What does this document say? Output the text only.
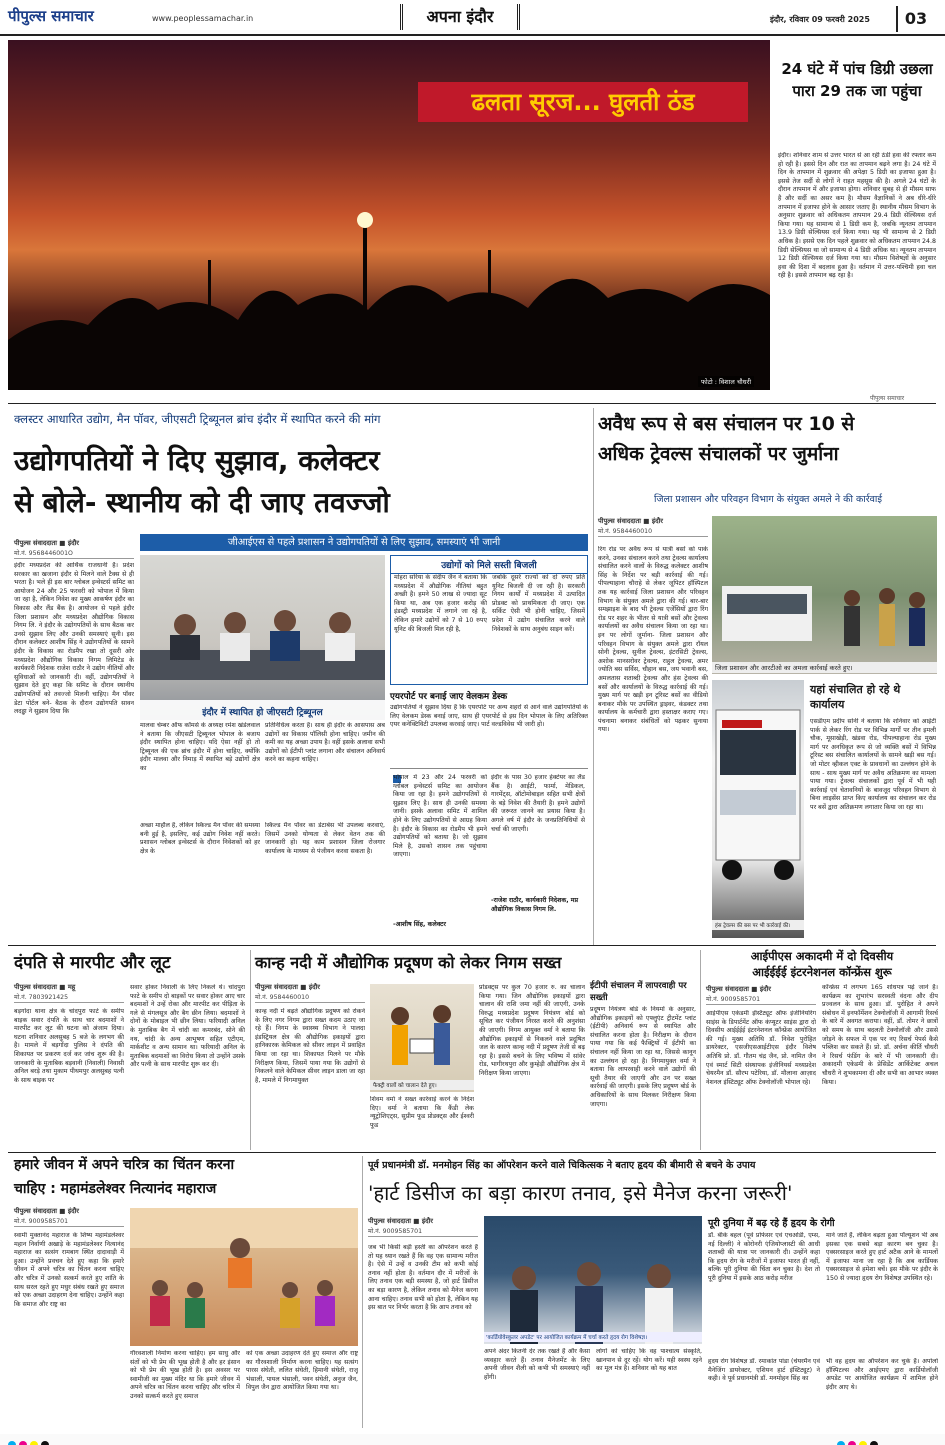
पीपुल्स समाचार	www.peoplessamachar.in	अपना इंदौर	इंदौर, रविवार 09 फरवरी 2025	03
ढलता सूरज... घुलती ठंड
फोटो : विशाल चौधरी
24 घंटे में पांच डिग्री उछला पारा 29 तक जा पहुंचा
इंदौर। शनिवार शाम से उत्तर भारत से आ रही ठंडी हवा की रफ्तार कम हो रही है। इससे दिन और रात का तापमान बढ़ने लगा है। 24 घंटे में दिन के तापमान में शुक्रवार की अपेक्षा 5 डिग्री का इजाफा हुआ है। इससे तेज सर्दी से लोगों ने राहत महसूस की है। अगले 24 घंटों के दौरान तापमान में और इजाफा होगा। शनिवार सुबह से ही मौसम साफ है और सर्दी का असर कम है। मौसम वैज्ञानिकों ने अब धीरे-धीरे तापमान में इजाफा होने के आसार जताए हैं। स्थानीय मौसम विभाग के अनुसार शुक्रवार को अधिकतम तापमान 29.4 डिग्री सेल्सियस दर्ज किया गया। यह सामान्य से 1 डिग्री कम है, जबकि न्यूनतम तापमान 13.9 डिग्री सेल्सियस दर्ज किया गया। यह भी सामान्य से 2 डिग्री अधिक है। इससे एक दिन पहले शुक्रवार को अधिकतम तापमान 24.8 डिग्री सेल्सियस था जो सामान्य से 4 डिग्री अधिक था। न्यूनतम तापमान 12 डिग्री सेल्सियस दर्ज किया गया था। मौसम विशेषज्ञों के अनुसार हवा की दिशा में बदलाव हुआ है। वर्तमान में उत्तर-पश्चिमी हवा चल रही है। इससे तापमान बढ़ रहा है।
पीपुल्स समाचार
क्लस्टर आधारित उद्योग, मैन पॉवर, जीएसटी ट्रिब्यूनल ब्रांच इंदौर में स्थापित करने की मांग
उद्योगपतियों ने दिए सुझाव, कलेक्टर
से बोले- स्थानीय को दी जाए तवज्जो
पीपुल्स संवाददाता ■ इंदौर
मो.नं. 9568446001O
इंदौर मध्यप्रदेश की आर्थिक राजधानी है। प्रदेश सरकार का खजाना इंदौर से मिलने वाले टैक्स से ही भरता है। भले ही इस बार ग्लोबल इन्वेस्टर्स समिट का आयोजन 24 और 25 फरवरी को भोपाल में किया जा रहा है, लेकिन निवेश का मुख्य आकर्षण इंदौर का विकास और लैंड बैंक है। आयोजन से पहले इंदौर जिला प्रशासन और मध्यप्रदेश औद्योगिक विकास निगम लि. ने इंदौर के उद्योगपतियों के साथ बैठक कर उनसे सुझाव लिए और उनकी समस्याएं सुनी। इस दौरान कलेक्टर आशीष सिंह ने उद्योगपतियों के सामने इंदौर के विकास का रोडमैप रखा तो दूसरी ओर मध्यप्रदेश औद्योगिक विकास निगम लिमिटेड के कार्यकारी निदेशक राजेश राठौर ने उद्योग नीतियों और सुविधाओं को जानकारी दी। वहीं, उद्योगपतियों ने सुझाव देते हुए कहा कि समिट के दौरान स्थानीय उद्योगपतियों को तवज्जो मिलनी चाहिए। मैन पॉवर डेटा पोर्टल बने- बैठक के दौरान उद्योगपति सावन लदड्ढा ने सुझाव दिया कि
जीआईएस से पहले प्रशासन ने उद्योगपतियों से लिए सुझाव, समस्याएं भी जानी
इंदौर में स्थापित हो जीएसटी ट्रिब्यूनल
मालवा चेम्बर ऑफ कॉमर्स के अध्यक्ष रमेश खंडेलवाल ने बताया कि जीएसटी ट्रिब्यूनल भोपाल के बजाय इंदौर स्थापित होना चाहिए। यदि ऐसा नहीं हो तो ट्रिब्यूनल की एक ब्रांच इंदौर में होना चाहिए, क्योंकि इंदौर मालवा और निमाड़ में स्थापित बड़े उद्योगों क्षेत्र का
प्रतिनिधित्व करता है। साथ ही इंदौर के आसपास अब उद्योगों का विकास पॉलिसी होना चाहिए। जमीन की कमी का यह अच्छा उपाय है। वहीं इसके अलावा सभी उद्योगों को ईटीपी प्लांट लगाना और संचालन अनिवार्य करने का कहना चाहिए।
अच्छा माहौल है, लेकिन स्किल्ड मैन पॉवर की समस्या बनी हुई है, इसलिए, कई उद्योग निवेश नहीं करते। प्रशासन ग्लोबल इन्वेस्टर्स के दौरान निवेशकों को हर क्षेत्र के
स्किल्ड मैन पॉवर का डेटाबेस भी उपलब्ध करवाएं, जिसमें उनको योग्यता से लेकर वेतन तक की जानकारी हो। यह काम प्रशासन जिला रोजगार कार्यालय के माध्यम से पंजीयन करवा सकता है।
उद्योगों को मिले सस्ती बिजली
मोहरा सरिया के संदीप जैन ने बताया कि मध्यप्रदेश में औद्योगिक नीतियां बहुत अच्छी है। हमने 50 लाख से ज्यादा सूट किया था, अब एक हजार करोड़ की इंडस्ट्री मध्यप्रदेश में लगाने जा रहे है, लेकिन हमारे उद्योगों को 7 से 10 रुपए यूनिट की बिजली मिल रही है,
जबकि दूसरे राज्यों को दो रुपए प्रति यूनिट बिजली दी जा रही है। सरकारी निगम कार्यों में मध्यप्रदेश में उत्पादित प्रोडक्ट को प्राथमिकता दी जाए। एक सर्किट ऐसी भी होनी चाहिए, जिसमें प्रदेश में उद्योग संचालित करने वाले निवेशकों के साथ अनुबंध साइन करें।
एयरपोर्ट पर बनाई जाए वेलकम डेस्क
उद्योगपतियों ने सुझाव दिया है कि एयरपोर्ट पर अन्य शहरों से आने वाले उद्योगपतियों के लिए वेलकम डेस्क बनाई जाए, साथ ही एयरपोर्ट से इस दिन भोपाल के लिए अतिरिक्त एयर कनेक्टिविटी उपलब्ध करवाई जाए। पार्ट वल्डविवेस भी जारी हो।
भोपाल में 23 और 24 फरवरी को ग्लोबल इन्वेस्टर्स समिट का आयोजन किया जा रहा है। हमने उद्योगपतियों से सुझाव लिए है। साथ ही उनकी समस्या जानी। इसके अलावा समिट में शामिल होने के लिए उद्योगपतियों से आग्रह किया है। इंदौर के विकास का रोडमैप भी हमने उद्योगपतियों को बताया है। जो सुझाव मिले है, उसको शासन तक पहुंचाया जाएगा।
-आशीष सिंह, कलेक्टर
इंदौर के पास 30 हजार हेक्टेयर का लैंड बैंक है। आईटी, फार्मा, मेडिकल, गारमेंट्स, ऑटोमोबाइल सहित सभी क्षेत्रों के बड़े निवेश की तैयारी है। हमने उद्योगों की जरूरत जानने का प्रयास किया है। अगले वर्ष में इंदौर के जनप्रतिनिधियों से चर्चा की जाएगी।
-राजेश राठौर, कार्यकारी निदेशक, मप्र औद्योगिक विकास निगम लि.
अवैध रूप से बस संचालन पर 10 से
अधिक ट्रेवल्स संचालकों पर जुर्माना
जिला प्रशासन और परिवहन विभाग के संयुक्त अमले ने की कार्रवाई
पीपुल्स संवाददाता ■ इंदौर
मो.नं. 9584460010
रिंग रोड पर अवैध रूप से यात्री बसों को पार्क करने, उनका संचालन करने तथा ट्रेवल्स कार्यालय संचालित करने वालों के विरुद्ध कलेक्टर आशीष सिंह के निर्देश पर बड़ी कार्रवाई की गई। पीपल्याहाना चौराहे से लेकर जूपिटर हॉस्पिटल तक यह कार्रवाई जिला प्रशासन और परिवहन विभाग के संयुक्त अमले द्वारा की गई। बार-बार समझाइश के बाद भी ट्रेवल्स एजेंसियों द्वारा रिंग रोड पर शहर के भीतर से यात्री बसों और ट्रेवल्स कार्यालयों का अवैध संचालन किया जा रहा था। इन पर लोगों जुर्माना- जिला प्रशासन और परिवहन विभाग के संयुक्त अमले द्वारा रॉयल सोनी ट्रेवल्स, सुनील ट्रेवल्स, इंटरसिटी ट्रेवल्स, अशोक मानसरोवर ट्रेवल्स, राहुल ट्रेवल्स, अमर ज्योति बस सर्विस, चौहान बस, जय भवानी बस, अमलतास शताब्दी ट्रेवल्स और हंस ट्रेवल्स की बसों और कार्यालयों के विरुद्ध कार्रवाई की गई। मुख्य मार्ग पर खड़ी इन टूरिस्ट बसों का वीडियो बनाकर मौके पर उपस्थित ड्राइवर, कंडक्टर तथा कार्यालय के कर्मचारी द्वारा हस्ताक्षर कराए गए। पंचनामा बनाकर संबंधितों को पढ़कर सुनाया गया।
जिला प्रशासन और आरटीओ का अमला कार्रवाई करते हुए।
हंस ट्रेवल्स की बस पर भी कार्रवाई की।
यहां संचालित हो रहे थे कार्यालय
एसडीएम प्रदीप सोनी ने बताया कि शनिवार को आईटी पार्क से लेकर रिंग रोड पर विभिन्न मार्गों पर तीन इमली चौक, मूसाखेड़ी, खंडवा रोड, पीपल्याहाना रोड मुख्य मार्ग पर अनधिकृत रूप से जो व्यक्ति बसों में विभिन्न टूरिस्ट बस संचालित कार्यालयों के सामने खड़ी बस गई। जो मोटर व्हीकल एक्ट के प्रावधानों का उल्लंघन होने के साथ - साथ मुख्य मार्ग पर अवैध अतिक्रमण का मामला पाया गया। ट्रेवल्स संचालकों द्वारा पूर्व में भी यही कार्रवाई एवं चेतावनियों के बावजूद परिवहन विभाग से बिना लाइसेंस प्राप्त किए कार्यालय का संचालन कर रोड पर बसें द्वारा अतिक्रमण लगातार किया जा रहा था।
दंपति से मारपीट और लूट
पीपुल्स संवाददाता ■ महू
मो.नं. 7803921425
बड़गोंदा थाना क्षेत्र के चांदपुरा फाटे के समीप बाइक सवार दंपति के साथ चार बदमाशों ने मारपीट कर लूट की घटना को अंजाम दिया। घटना शनिवार अलसुबह 5 बजे के लगभग की है। मामले में बड़गोंदा पुलिस ने दंपति की शिकायत पर प्रकरण दर्ज कर जांच शुरू की है। जानकारी के मुताबिक बड़वानी (निवाली) निवासी अनिल बरड़े तथा मुकाम पीथमपुर अलसुबह पत्नी के साथ बाइक पर
सवार होकर निवाली के लिए निकले थे। चांदपुरा फाटे के समीप दो बाइकों पर सवार होकर आए चार बदमाशों ने उन्हें रोका और मारपीट कर पीड़िता के गले से मंगलसूत्र और बैग छीन लिया। बदमाशों ने दोनों के मोबाइल भी छीन लिया। फरियादी अनिल के मुताबिक बैग में चांदी का कमरबंद, सोने की नथ, चांदी के अन्य आभूषण सहित एटीएम, मार्कशीट व अन्य सामान था। फरियादी अनिल के मुताबिक बदमाशों का विरोध किया तो उन्होंने उसके और पत्नी के साथ मारपीट शुरू कर दी।
कान्ह नदी में औद्योगिक प्रदूषण को लेकर निगम सख्त
पीपुल्स संवाददाता ■ इंदौर
मो.नं. 9584460010
कान्ह नदी में बढ़ते औद्योगिक प्रदूषण को रोकने के लिए नगर निगम द्वारा सख्त कदम उठाए जा रहे हैं। निगम के स्वास्थ्य विभाग ने पालदा इंडस्ट्रियल क्षेत्र की औद्योगिक इकाइयों द्वारा हानिकारक केमिकल को सीवर लाइन में प्रवाहित किया जा रहा था। शिकायत मिलने पर मौके निरीक्षण किया, जिसमें पाया गया कि उद्योगों से निकलने वाले केमिकल सीवर लाइन डाला जा रहा है, मामले में निगमायुक्त
फैक्ट्री वालों को चालान देते हुए।
शिवम वर्मा ने सख्त कार्रवाई करने के निर्देश दिए। वर्मा ने बताया कि कैंडी लेक न्यूट्रोशिएट्स, सुप्रीम फूड प्रोडक्ट्स और ईश्वरी फूड
प्रोडक्ट्स पर कुल 70 हजार रु. का चालान किया गया। जिन औद्योगिक इकाइयों द्वारा चालान की राशि जमा नहीं की जाएगी, उनके विरुद्ध मध्यप्रदेश प्रदूषण नियंत्रण बोर्ड को सूचित कर पंजीयन निरस्त करने की अनुशंसा की जाएगी। निगम आयुक्त वर्मा ने बताया कि औद्योगिक इकाइयों से निकलने वाले प्रदूषित जल के कारण कान्ह नदी में प्रदूषण तेजी से बढ़ रहा है। इससे बचने के लिए भविष्य में सांवेर रोड, भागीरथपुरा और कुम्हेड़ी औद्योगिक क्षेत्र में निरीक्षण किया जाएगा।
ईटीपी संचालन में लापरवाही पर सख्ती
प्रदूषण नियंत्रण बोर्ड के नियमों के अनुसार, औद्योगिक इकाइयों को एफ्लुएंट ट्रीटमेंट प्लांट (ईटीपी) अनिवार्य रूप से स्थापित और संचालित करना होता है। निरीक्षण के दौरान पाया गया कि कई फैक्ट्रियों में ईटीपी का संचालन नहीं किया जा रहा था, जिससे कानून का उल्लंघन हो रहा है। निगमायुक्त वर्मा ने बताया कि लापरवाही करने वाले उद्योगों की सूची तैयार की जाएगी और उन पर सख्त कार्रवाई की जाएगी। इसके लिए प्रदूषण बोर्ड के अधिकारियों के साथ मिलकर निरीक्षण किया जाएगा।
आईपीएस अकादमी में दो दिवसीय
आईईईई इंटरनेशनल कॉन्फ्रेंस शुरू
पीपुल्स संवाददाता ■ इंदौर
मो.नं. 9009585701
आईपीएस एकेडमी इंस्टिट्यूट ऑफ इंजीनियरिंग साइंस के डिपार्टमेंट ऑफ कंप्यूटर साइंस द्वारा दो दिवसीय आईईईई इंटरनेशनल कॉन्फ्रेंस आयोजित की गई। मुख्य अतिथि डॉ. निवेश पुरोहित डायरेक्टर, एसजीएसआईटीएस इंदौर विशेष अतिथि प्रो. डॉ. गौतम चंद्र जैन, प्रो. नामित जैन एवं स्मार्ट सिटी संस्थापक इंजीनियर्स मध्यप्रदेश चेयरमैन डॉ. सौरभ पटेरिया, डॉ. मौलाना आज़ाद नेशनल इंस्टिट्यूट ऑफ टेक्नोलॉजी भोपाल रहे।
कॉन्फ्रेंस में लगभग 165 शोधपत्र पढ़े जाने है। कार्यक्रम का शुभारंभ सरस्वती वंदना और दीप प्रज्वलन के साथ हुआ। डॉ. पुरोहित ने अपने संबोधन में इनफॉर्मेशन टेक्नोलॉजी में आगामी रिसर्च के बारे में अवगत कराया। वहीं, डॉ. तोमर ने छात्रों को समय के साथ बदलती टेक्नोलॉजी और उससे जोड़ने के सफल में एक पर नए रिसर्च पेपर्स कैसे पब्लिश कर सकते हैं। प्रो. डॉ. अर्चना कीर्ति चौधरी ने रिसर्च फंडिंग के बारे में भी जानकारी दी। अकादमी एकेडमी के प्रेसिडेंट आर्किटेक्ट अचल चौधरी ने शुभकामना दी और सभी का आभार व्यक्त किया।
हमारे जीवन में अपने चरित्र का चिंतन करना
चाहिए : महामंडलेश्वर नित्यानंद महाराज
पीपुल्स संवाददाता ■ इंदौर
मो.नं. 9009585701
स्वामी मुक्तानंद महाराज के शिष्य महामंडलेश्वर महान निर्वाणी अखाड़े के महामंडलेश्वर नित्यानंद महाराज का सत्संग रामबाग स्थित दादावाड़ी में हुआ। उन्होंने प्रवचन देते हुए कहा कि हमारे जीवन में अपने चरित्र का चिंतन करना चाहिए और चरित्र में उनको सत्कर्म करते हुए शांति के साथ सरल रहते हुए मधुर संबंध रखते हुए समाज को एक अच्छा उदाहरण देना चाहिए। उन्होंने कहा कि समाज और राष्ट्र का
गौरवशाली निर्माण करना चाहिए। हम साधु और संतों को भी प्रेम की भूख होती है और हर इंसान को भी प्रेम की भूख होती है। इस अवसर पर स्वामीजी का मुख्य मंदिर था कि हमारे जीवन में अपने चरित्र का चिंतन करना चाहिए और चरित्र में उनको सत्कर्म करते हुए समाज
को एक अच्छा उदाहरण देते हुए समाज और राष्ट्र का गौरवशाली निर्माण करना चाहिए। यह सत्संग पारस संघेती, ललित संघेती, हिमानी संघेती, राजू भंसाली, पायल भंसाली, पवन संघेती, अनुज जैन, विपुल जैन द्वारा आयोजित किया गया था।
पूर्व प्रधानमंत्री डॉ. मनमोहन सिंह का ऑपरेशन करने वाले चिकित्सक ने बताए हृदय की बीमारी से बचने के उपाय
'हार्ट डिसीज का बड़ा कारण तनाव, इसे मैनेज करना जरूरी'
पीपुल्स संवाददाता ■ इंदौर
मो.नं. 9009585701
जब भी किसी बड़ी हस्ती का ऑपरेशन करते हैं तो यह ध्यान रखते हैं कि वह एक सामान्य मरीज है। ऐसे में उन्हें व उनकी टीम को कभी कोई तनाव नहीं होता है। वर्तमान दौर में मरीजों के लिए तनाव एक बड़ी समस्या है, जो हार्ट डिसीज का बड़ा कारण है, लेकिन तनाव को मैनेज करना आना चाहिए। तनाव सभी को होता है, लेकिन यह इस बात पर निर्भर करता है कि आप तनाव को
'कार्डियोवेस्कुलर अपडेट' पर आयोजित कार्यक्रम में चर्चा करते हृदय रोग विशेषज्ञ।
अपने अंदर कितनी देर तक रखते हैं और कैसा व्यवहार करते हैं। तनाव मैनेजमेंट के लिए अपनी जीवन शैली को कभी भी समस्याएं नहीं होंगी।
लोगों को चाहिए कि वह पाश्चात्य संस्कृति, खानपान से दूर रहें। योग करें। यही स्वस्थ रहने का मूल मंत्र है। शनिवार को यह बात
पूरी दुनिया में बढ़ रहे हैं हृदय के रोगी
डॉ. बीके बहल (पूर्व प्रोफेसर एवं एचओडी, एम्स, नई दिल्ली) ने कोरोनरी एंजियोप्लास्टी की आधी शताब्दी की यात्रा पर जानकारी दी। उन्होंने कहा कि हृदय रोग के मरीजों में इजाफा भारत ही नहीं, बल्कि पूरी दुनिया की चिंता बन चुका है। देश तो पूरी दुनिया में इसके आठ करोड़ मरीज
माने जाते हैं, लेकिन बढ़ता हुआ पॉल्यूशन भी अब इसका एक सबसे बड़ा कारण बन चुका है। एक्सरसाइज करते हुए हार्ट अटैक आने के मामलों में इजाफा माना जा रहा है कि अब कार्डियक एक्सरसाइज से हमेशा बचें। इस मौके पर इंदौर के 150 से ज्यादा हृदय रोग विशेषज्ञ उपस्थित रहे।
हृदय रोग विशेषज्ञ डॉ. रमाकांत पांडा (चेयरमैन एवं मैनेजिंग डायरेक्टर, एशियन हार्ट इंस्टिट्यूट) ने कही। वे पूर्व प्रधानमंत्री डॉ. मनमोहन सिंह का
भी वह हृदय का ऑपरेशन कर चुके हैं। अपोलो हॉस्पिटल्स और आईएमए द्वारा कार्डियोलॉजी अपडेट पर आयोजित कार्यक्रम में शामिल होने इंदौर आए थे।
